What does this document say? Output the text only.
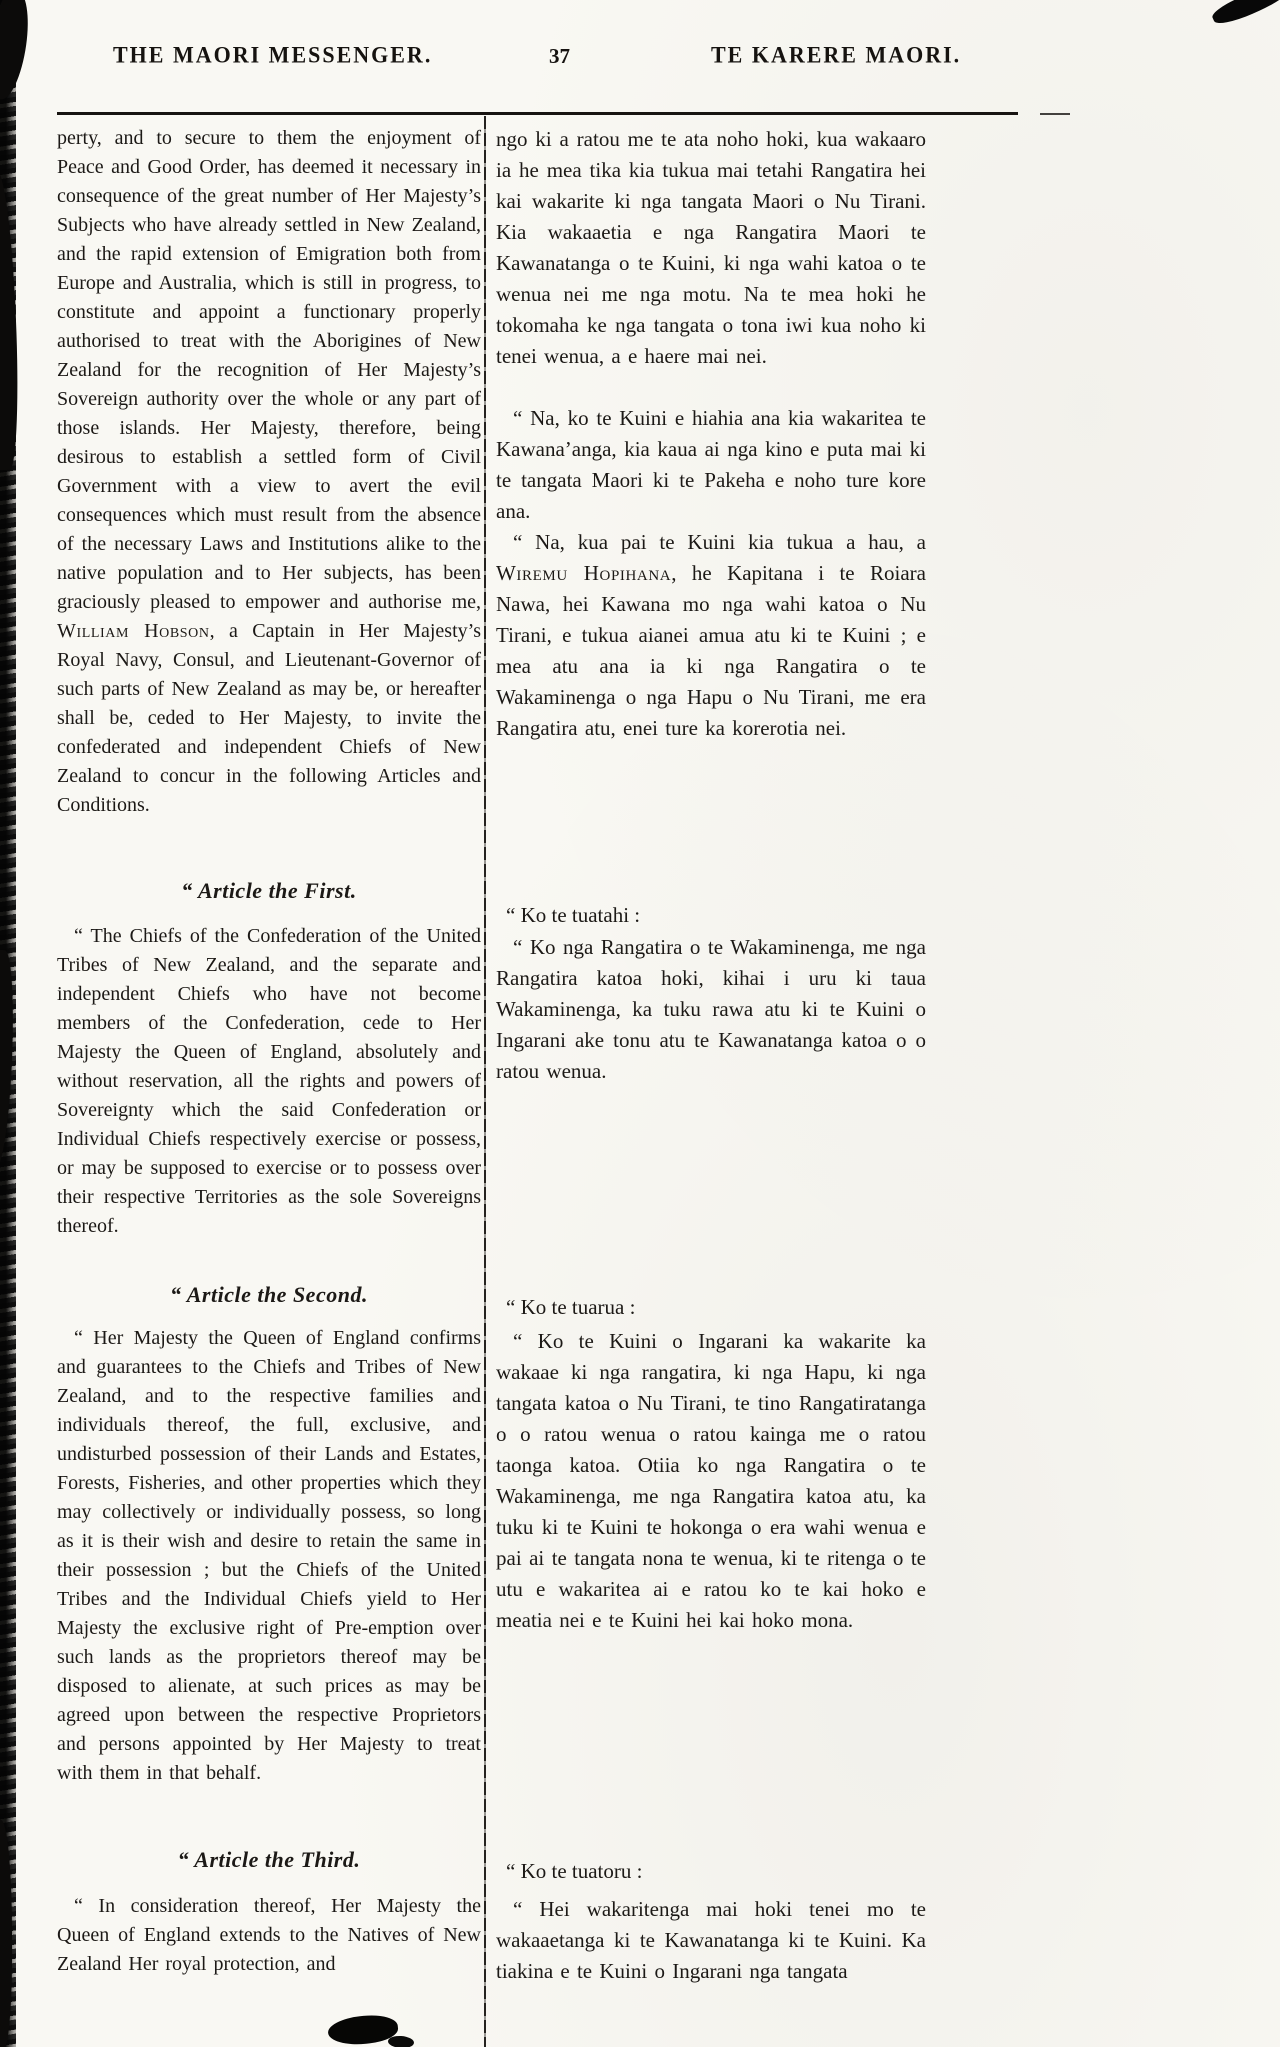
THE MAORI MESSENGER.	37	TE KARERE MAORI.
perty, and to secure to them the enjoyment of Peace and Good Order, has deemed it necessary in consequence of the great number of Her Majesty’s Subjects who have already settled in New Zealand, and the rapid extension of Emigration both from Europe and Australia, which is still in progress, to constitute and appoint a functionary properly authorised to treat with the Aborigines of New Zealand for the recognition of Her Majesty’s Sovereign authority over the whole or any part of those islands. Her Majesty, therefore, being desirous to establish a settled form of Civil Government with a view to avert the evil consequences which must result from the absence of the necessary Laws and Institutions alike to the native population and to Her subjects, has been graciously pleased to empower and authorise me, William Hobson, a Captain in Her Majesty’s Royal Navy, Consul, and Lieutenant-Governor of such parts of New Zealand as may be, or hereafter shall be, ceded to Her Majesty, to invite the confederated and independent Chiefs of New Zealand to concur in the following Articles and Conditions.
“ Article the First.
“ The Chiefs of the Confederation of the United Tribes of New Zealand, and the separate and independent Chiefs who have not become members of the Confederation, cede to Her Majesty the Queen of England, absolutely and without reservation, all the rights and powers of Sovereignty which the said Confederation or Individual Chiefs respectively exercise or possess, or may be supposed to exercise or to possess over their respective Territories as the sole Sovereigns thereof.
“ Article the Second.
“ Her Majesty the Queen of England confirms and guarantees to the Chiefs and Tribes of New Zealand, and to the respective families and individuals thereof, the full, exclusive, and undisturbed possession of their Lands and Estates, Forests, Fisheries, and other properties which they may collectively or individually possess, so long as it is their wish and desire to retain the same in their possession ; but the Chiefs of the United Tribes and the Individual Chiefs yield to Her Majesty the exclusive right of Pre-emption over such lands as the proprietors thereof may be disposed to alienate, at such prices as may be agreed upon between the respective Proprietors and persons appointed by Her Majesty to treat with them in that behalf.
“ Article the Third.
“ In consideration thereof, Her Majesty the Queen of England extends to the Natives of New Zealand Her royal protection, and
ngo ki a ratou me te ata noho hoki, kua wakaaro ia he mea tika kia tukua mai tetahi Rangatira hei kai wakarite ki nga tangata Maori o Nu Tirani. Kia wakaaetia e nga Rangatira Maori te Kawanatanga o te Kuini, ki nga wahi katoa o te wenua nei me nga motu. Na te mea hoki he tokomaha ke nga tangata o tona iwi kua noho ki tenei wenua, a e haere mai nei.
“ Na, ko te Kuini e hiahia ana kia wakaritea te Kawana’anga, kia kaua ai nga kino e puta mai ki te tangata Maori ki te Pakeha e noho ture kore ana.
“ Na, kua pai te Kuini kia tukua a hau, a Wiremu Hopihana, he Kapitana i te Roiara Nawa, hei Kawana mo nga wahi katoa o Nu Tirani, e tukua aianei amua atu ki te Kuini ; e mea atu ana ia ki nga Rangatira o te Wakaminenga o nga Hapu o Nu Tirani, me era Rangatira atu, enei ture ka korerotia nei.
“ Ko te tuatahi :
“ Ko nga Rangatira o te Wakaminenga, me nga Rangatira katoa hoki, kihai i uru ki taua Wakaminenga, ka tuku rawa atu ki te Kuini o Ingarani ake tonu atu te Kawanatanga katoa o o ratou wenua.
“ Ko te tuarua :
“ Ko te Kuini o Ingarani ka wakarite ka wakaae ki nga rangatira, ki nga Hapu, ki nga tangata katoa o Nu Tirani, te tino Rangatiratanga o o ratou wenua o ratou kainga me o ratou taonga katoa. Otiia ko nga Rangatira o te Wakaminenga, me nga Rangatira katoa atu, ka tuku ki te Kuini te hokonga o era wahi wenua e pai ai te tangata nona te wenua, ki te ritenga o te utu e wakaritea ai e ratou ko te kai hoko e meatia nei e te Kuini hei kai hoko mona.
“ Ko te tuatoru :
“ Hei wakaritenga mai hoki tenei mo te wakaaetanga ki te Kawanatanga ki te Kuini. Ka tiakina e te Kuini o Ingarani nga tangata
